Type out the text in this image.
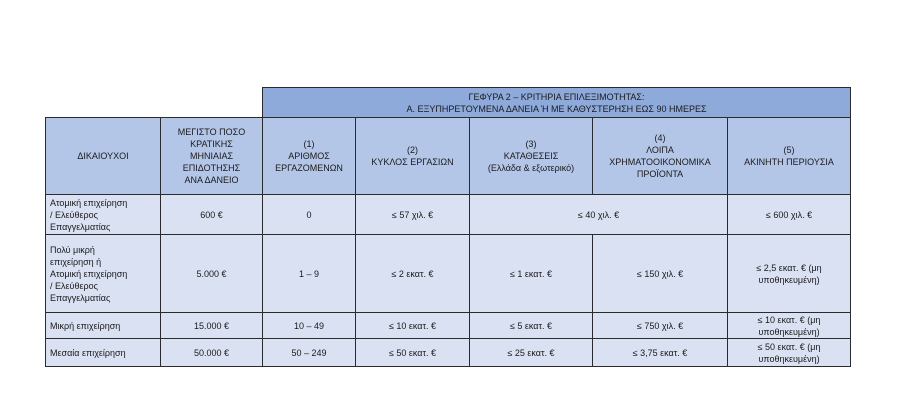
		ΓΕΦΥΡΑ 2 – ΚΡΙΤΗΡΙΑ ΕΠΙΛΕΞΙΜΟΤΗΤΑΣ:
Α. ΕΞΥΠΗΡΕΤΟΥΜΕΝΑ ΔΑΝΕΙΑ Ή ΜΕ ΚΑΘΥΣΤΕΡΗΣΗ ΕΩΣ 90 ΗΜΕΡΕΣ				

ΔΙΚΑΙΟΥΧΟΙ	ΜΕΓΙΣΤΟ ΠΟΣΟ
ΚΡΑΤΙΚΗΣ
ΜΗΝΙΑΙΑΣ
ΕΠΙΔΟΤΗΣΗΣ
ΑΝΑ ΔΑΝΕΙΟ	(1)
ΑΡΙΘΜΟΣ
ΕΡΓΑΖΟΜΕΝΩΝ	(2)
ΚΥΚΛΟΣ ΕΡΓΑΣΙΩΝ	(3)
ΚΑΤΑΘΕΣΕΙΣ
(Ελλάδα & εξωτερικό)	(4)
ΛΟΙΠΑ
ΧΡΗΜΑΤΟΟΙΚΟΝΟΜΙΚΑ
ΠΡΟΪΟΝΤΑ	(5)
ΑΚΙΝΗΤΗ ΠΕΡΙΟΥΣΙΑ

Ατομική επιχείρηση
/ Ελεύθερος
Επαγγελματίας	600 €	0	≤ 57 χιλ. €	≤ 40 χιλ. €		≤ 600 χιλ. €

Πολύ μικρή
επιχείρηση ή
Ατομική επιχείρηση
/ Ελεύθερος
Επαγγελματίας	5.000 €	1 – 9	≤ 2 εκατ. €	≤ 1 εκατ. €	≤ 150 χιλ. €	≤ 2,5 εκατ. € (μη
υποθηκευμένη)

Μικρή επιχείρηση	15.000 €	10 – 49	≤ 10 εκατ. €	≤ 5 εκατ. €	≤ 750 χιλ. €	≤ 10 εκατ. € (μη
υποθηκευμένη)

Μεσαία επιχείρηση	50.000 €	50 – 249	≤ 50 εκατ. €	≤ 25 εκατ. €	≤ 3,75 εκατ. €	≤ 50 εκατ. € (μη
υποθηκευμένη)
